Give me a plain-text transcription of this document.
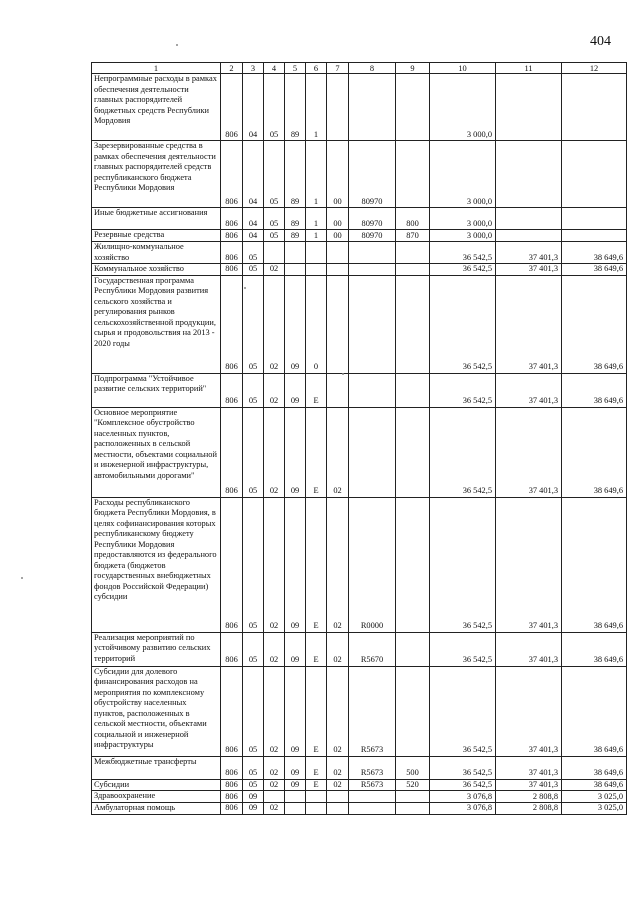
404
1	2	3	4	5	6	7	8	9	10	11	12
Непрограммные расходы в рамках обеспечения деятельности главных распорядителей бюджетных средств Республики Мордовия	806	04	05	89	1				3 000,0		
Зарезервированные средства в рамках обеспечения деятельности главных распорядителей средств республиканского бюджета Республики Мордовия	806	04	05	89	1	00	80970		3 000,0		
Иные бюджетные ассигнования	806	04	05	89	1	00	80970	800	3 000,0		
Резервные средства	806	04	05	89	1	00	80970	870	3 000,0		
Жилищно-коммунальное хозяйство	806	05							36 542,5	37 401,3	38 649,6
Коммунальное хозяйство	806	05	02						36 542,5	37 401,3	38 649,6
Государственная программа Республики Мордовия развития сельского хозяйства и регулирования рынков сельскохозяйственной продукции, сырья и продовольствия на 2013 - 2020 годы	806	05	02	09	0				36 542,5	37 401,3	38 649,6
Подпрограмма "Устойчивое развитие сельских территорий"	806	05	02	09	Е				36 542,5	37 401,3	38 649,6
Основное мероприятие "Комплексное обустройство населенных пунктов, расположенных в сельской местности, объектами социальной и инженерной инфраструктуры, автомобильными дорогами"	806	05	02	09	Е	02			36 542,5	37 401,3	38 649,6
Расходы республиканского бюджета Республики Мордовия, в целях софинансирования которых республиканскому бюджету Республики Мордовия предоставляются из федерального бюджета (бюджетов государственных внебюджетных фондов Российской Федерации) субсидии	806	05	02	09	Е	02	R0000		36 542,5	37 401,3	38 649,6
Реализация мероприятий по устойчивому развитию сельских территорий	806	05	02	09	Е	02	R5670		36 542,5	37 401,3	38 649,6
Субсидии для долевого финансирования расходов на мероприятия по комплексному обустройству населенных пунктов, расположенных в сельской местности, объектами социальной и инженерной инфраструктуры	806	05	02	09	Е	02	R5673		36 542,5	37 401,3	38 649,6
Межбюджетные трансферты	806	05	02	09	Е	02	R5673	500	36 542,5	37 401,3	38 649,6
Субсидии	806	05	02	09	Е	02	R5673	520	36 542,5	37 401,3	38 649,6
Здравоохранение	806	09							3 076,8	2 808,8	3 025,0
Амбулаторная помощь	806	09	02						3 076,8	2 808,8	3 025,0
